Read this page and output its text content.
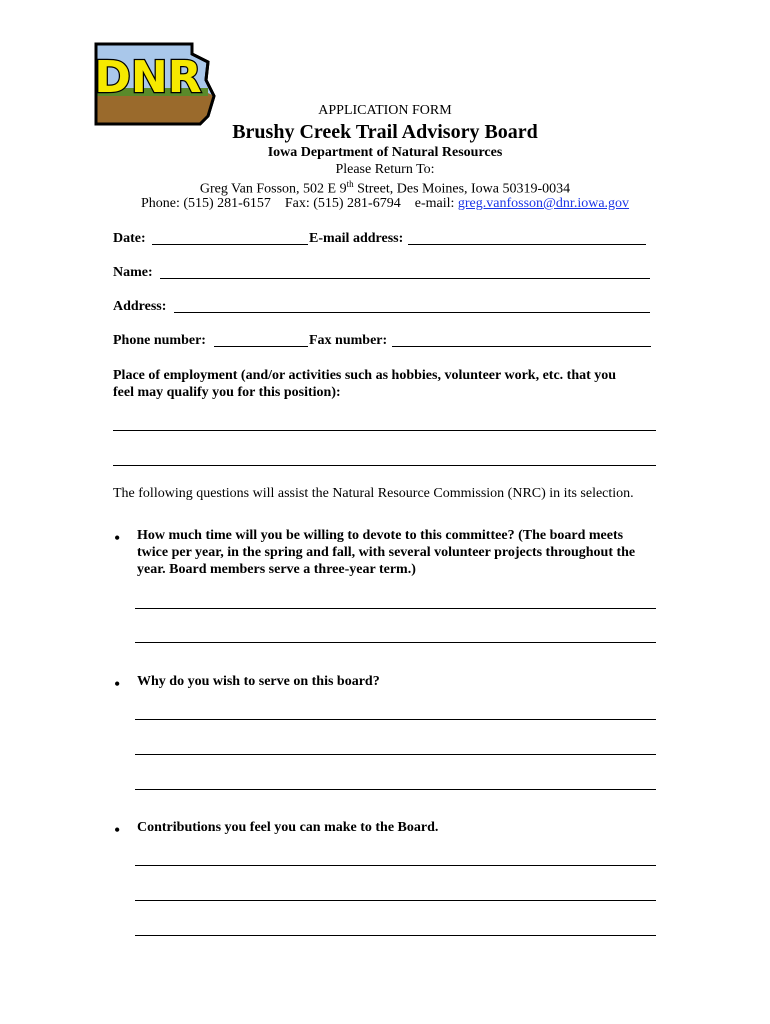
DNR
APPLICATION FORM
Brushy Creek Trail Advisory Board
Iowa Department of Natural Resources
Please Return To:
Greg Van Fosson, 502 E 9th Street, Des Moines, Iowa 50319-0034
Phone: (515) 281-6157 Fax: (515) 281-6794 e-mail: greg.vanfosson@dnr.iowa.gov
Date:	E-mail address:
Name:
Address:
Phone number:	Fax number:
Place of employment (and/or activities such as hobbies, volunteer work, etc. that you
feel may qualify you for this position):
The following questions will assist the Natural Resource Commission (NRC) in its selection.
• How much time will you be willing to devote to this committee? (The board meets
twice per year, in the spring and fall, with several volunteer projects throughout the
year. Board members serve a three-year term.)
• Why do you wish to serve on this board?
• Contributions you feel you can make to the Board.
